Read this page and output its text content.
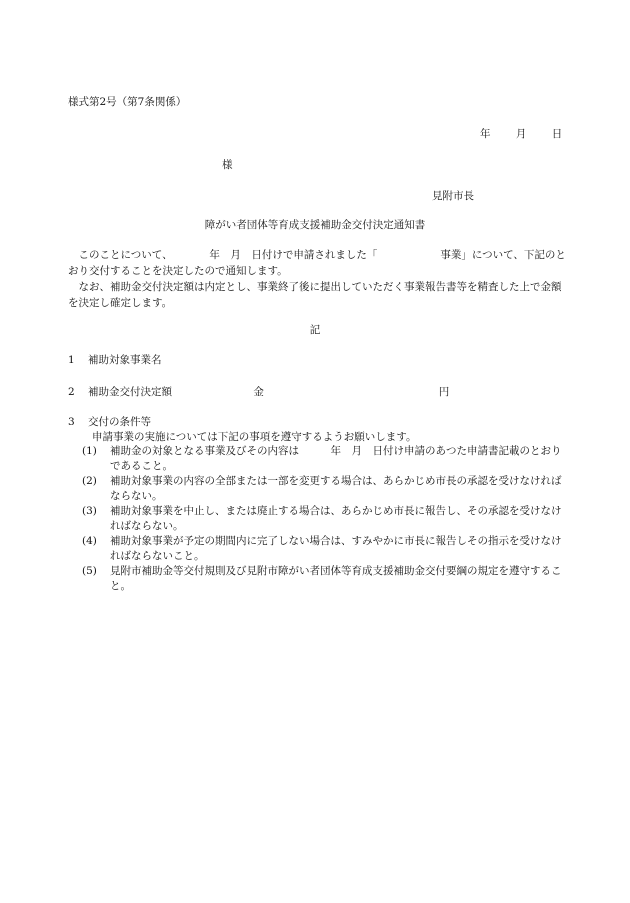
様式第2号（第7条関係）
年 月 日
様
見附市長
障がい者団体等育成支援補助金交付決定通知書

このことについて、　　　　年　月　日付けで申請されました「　　　　　　事業」について、下記のとおり交付することを決定したので通知します。

なお、補助金交付決定額は内定とし、事業終了後に提出していただく事業報告書等を精査した上で金額を決定し確定します。

記
1 補助対象事業名
2 補助金交付決定額	金	円
3 交付の条件等
申請事業の実施については下記の事項を遵守するようお願いします。
(1)	補助金の対象となる事業及びその内容は　　　年　月　日付け申請のあつた申請書記載のとおりであること。
(2)	補助対象事業の内容の全部または一部を変更する場合は、あらかじめ市長の承認を受けなければならない。
(3)	補助対象事業を中止し、または廃止する場合は、あらかじめ市長に報告し、その承認を受けなければならない。
(4)	補助対象事業が予定の期間内に完了しない場合は、すみやかに市長に報告しその指示を受けなければならないこと。
(5)	見附市補助金等交付規則及び見附市障がい者団体等育成支援補助金交付要綱の規定を遵守すること。
